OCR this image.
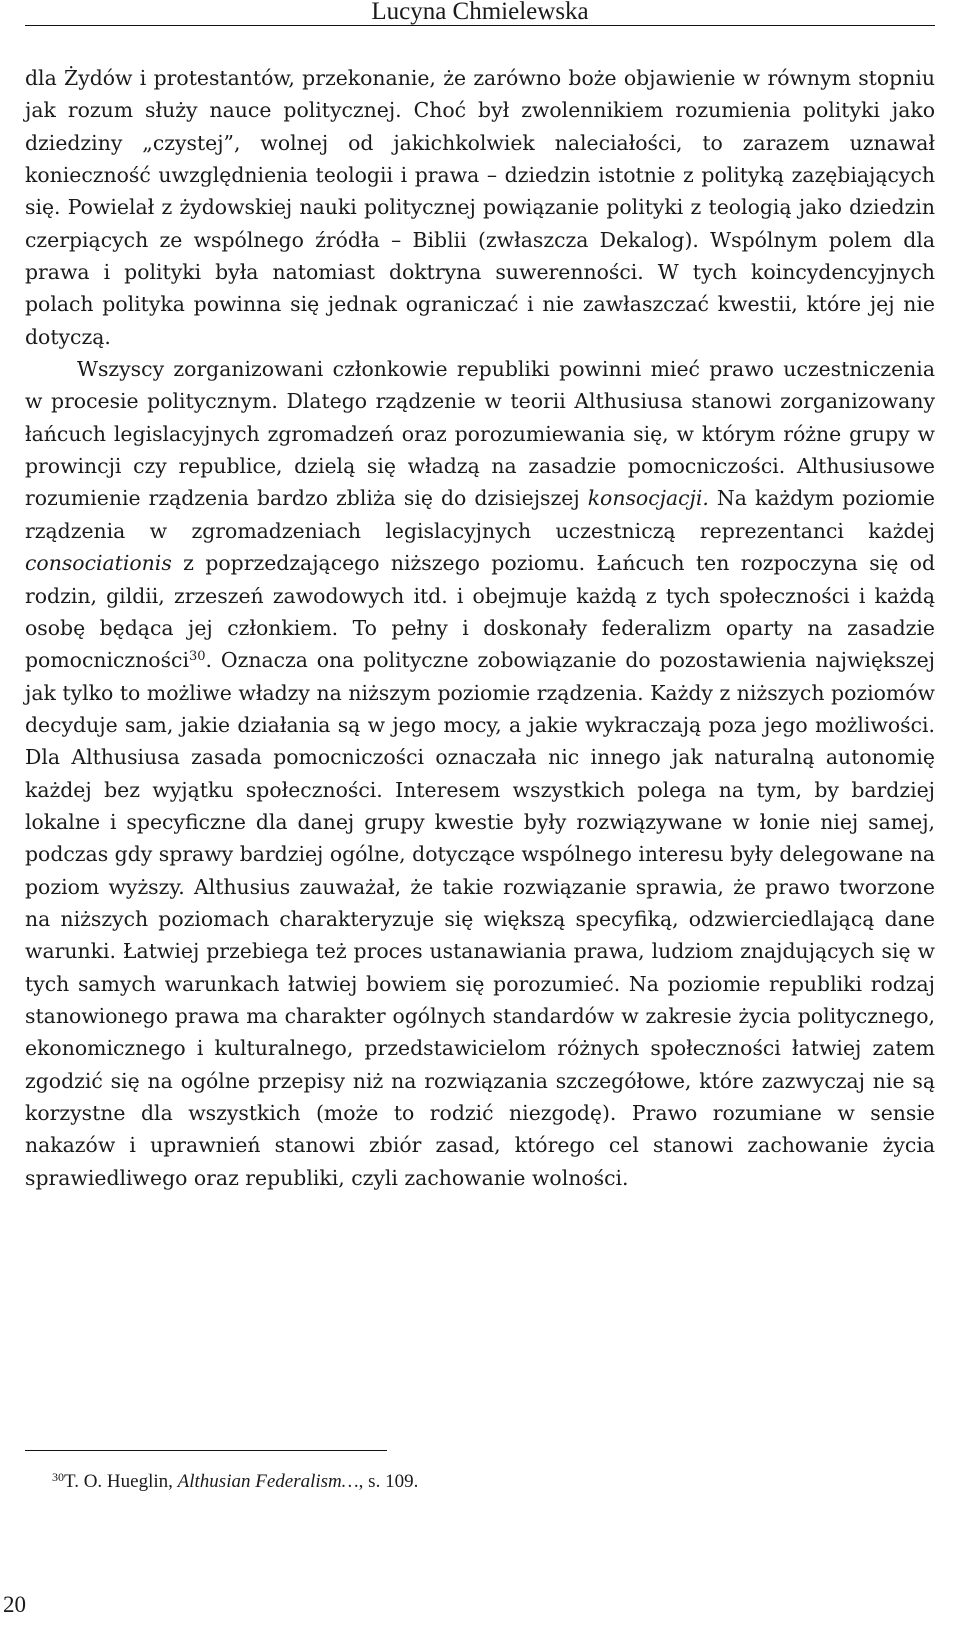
Lucyna Chmielewska

dla Żydów i protestantów, przekonanie, że zarówno boże objawienie w równym stopniu jak rozum służy nauce politycznej. Choć był zwolennikiem rozumienia polityki jako dziedziny „czystej”, wolnej od jakichkolwiek naleciałości, to zarazem uznawał konieczność uwzględnienia teologii i prawa – dziedzin istotnie z polityką zazębiających się. Powielał z żydowskiej nauki politycznej powiązanie polityki z teologią jako dziedzin czerpiących ze wspólnego źródła – Biblii (zwłaszcza Dekalog). Wspólnym polem dla prawa i polityki była natomiast doktryna suwerenności. W tych koincydencyjnych polach polityka powinna się jednak ograniczać i nie zawłaszczać kwestii, które jej nie dotyczą.

Wszyscy zorganizowani członkowie republiki powinni mieć prawo uczestniczenia w procesie politycznym. Dlatego rządzenie w teorii Althusiusa stanowi zorganizowany łańcuch legislacyjnych zgromadzeń oraz porozumiewania się, w którym różne grupy w prowincji czy republice, dzielą się władzą na zasadzie pomocniczości. Althusiusowe rozumienie rządzenia bardzo zbliża się do dzisiejszej konsocjacji. Na każdym poziomie rządzenia w zgromadzeniach legislacyjnych uczestniczą reprezentanci każdej consociationis z poprzedzającego niższego poziomu. Łańcuch ten rozpoczyna się od rodzin, gildii, zrzeszeń zawodowych itd. i obejmuje każdą z tych społeczności i każdą osobę będąca jej członkiem. To pełny i doskonały federalizm oparty na zasadzie pomocniczności$^{30}$. Oznacza ona polityczne zobowiązanie do pozostawienia największej jak tylko to możliwe władzy na niższym poziomie rządzenia. Każdy z niższych poziomów decyduje sam, jakie działania są w jego mocy, a jakie wykraczają poza jego możliwości. Dla Althusiusa zasada pomocniczości oznaczała nic innego jak naturalną autonomię każdej bez wyjątku społeczności. Interesem wszystkich polega na tym, by bardziej lokalne i specyficzne dla danej grupy kwestie były rozwiązywane w łonie niej samej, podczas gdy sprawy bardziej ogólne, dotyczące wspólnego interesu były delegowane na poziom wyższy. Althusius zauważał, że takie rozwiązanie sprawia, że prawo tworzone na niższych poziomach charakteryzuje się większą specyfiką, odzwierciedlającą dane warunki. Łatwiej przebiega też proces ustanawiania prawa, ludziom znajdujących się w tych samych warunkach łatwiej bowiem się porozumieć. Na poziomie republiki rodzaj stanowionego prawa ma charakter ogólnych standardów w zakresie życia politycznego, ekonomicznego i kulturalnego, przedstawicielom różnych społeczności łatwiej zatem zgodzić się na ogólne przepisy niż na rozwiązania szczegółowe, które zazwyczaj nie są korzystne dla wszystkich (może to rodzić niezgodę). Prawo rozumiane w sensie nakazów i uprawnień stanowi zbiór zasad, którego cel stanowi zachowanie życia sprawiedliwego oraz republiki, czyli zachowanie wolności.

$^{30}$T. O. Hueglin, Althusian Federalism…, s. 109.
20
